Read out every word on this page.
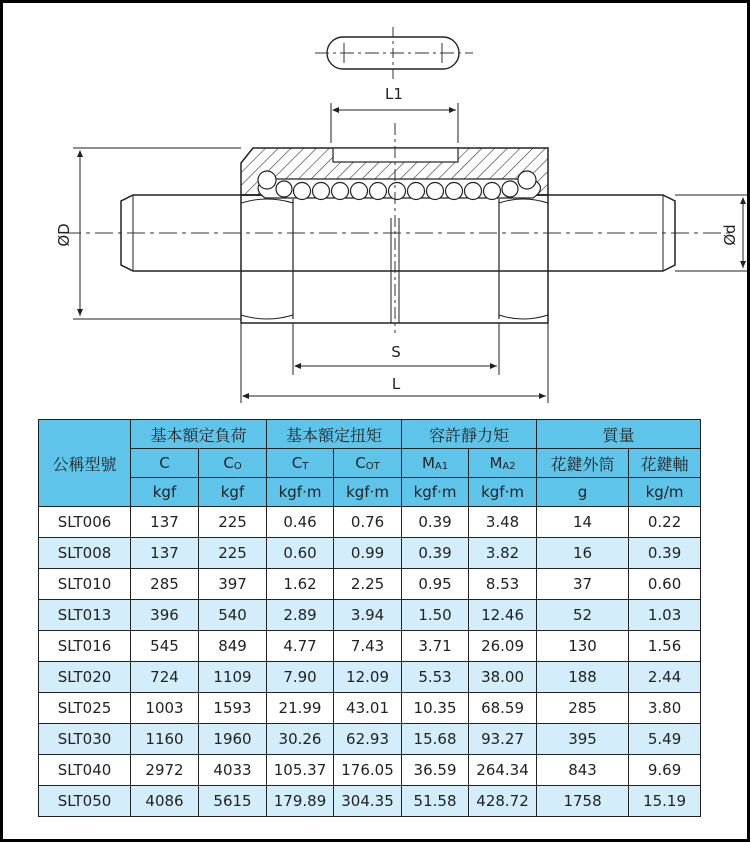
L1
ØD	Ød
S
L
公稱型號	基本額定負荷		基本額定扭矩		容許靜力矩		質量	
	C	$C_O$	$C_T$	$C_{OT}$	$M_{A1}$	$M_{A2}$	花鍵外筒	花鍵軸
	kgf	kgf	kgf·m	kgf·m	kgf·m	kgf·m	g	kg/m
SLT006	137	225	0.46	0.76	0.39	3.48	14	0.22
SLT008	137	225	0.60	0.99	0.39	3.82	16	0.39
SLT010	285	397	1.62	2.25	0.95	8.53	37	0.60
SLT013	396	540	2.89	3.94	1.50	12.46	52	1.03
SLT016	545	849	4.77	7.43	3.71	26.09	130	1.56
SLT020	724	1109	7.90	12.09	5.53	38.00	188	2.44
SLT025	1003	1593	21.99	43.01	10.35	68.59	285	3.80
SLT030	1160	1960	30.26	62.93	15.68	93.27	395	5.49
SLT040	2972	4033	105.37	176.05	36.59	264.34	843	9.69
SLT050	4086	5615	179.89	304.35	51.58	428.72	1758	15.19
